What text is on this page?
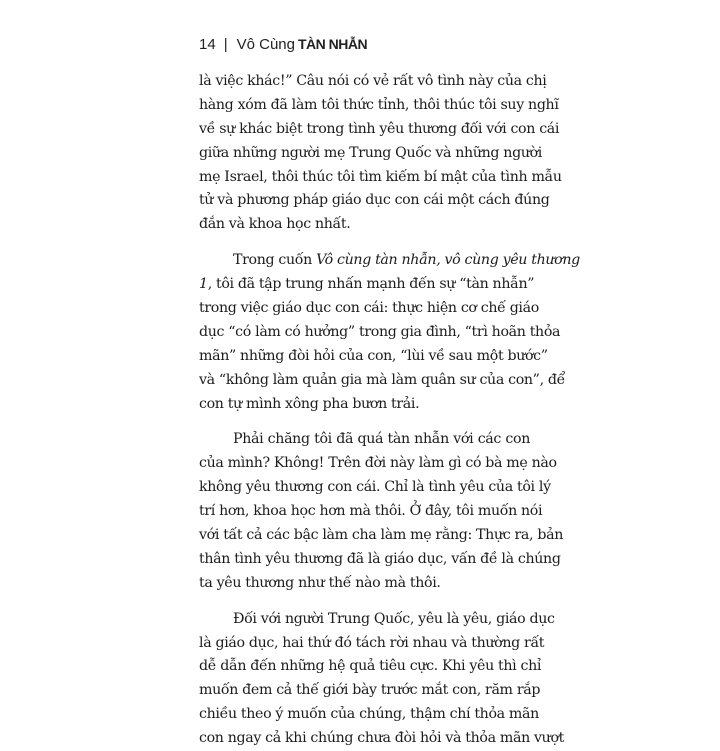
14 | Vô Cùng TÀN NHẪN
là việc khác!” Câu nói có vẻ rất vô tình này của chị
hàng xóm đã làm tôi thức tỉnh, thôi thúc tôi suy nghĩ
về sự khác biệt trong tình yêu thương đối với con cái
giữa những người mẹ Trung Quốc và những người
mẹ Israel, thôi thúc tôi tìm kiếm bí mật của tình mẫu
tử và phương pháp giáo dục con cái một cách đúng
đắn và khoa học nhất.
Trong cuốn Vô cùng tàn nhẫn, vô cùng yêu thương
1, tôi đã tập trung nhấn mạnh đến sự “tàn nhẫn”
trong việc giáo dục con cái: thực hiện cơ chế giáo
dục “có làm có hưởng” trong gia đình, “trì hoãn thỏa
mãn” những đòi hỏi của con, “lùi về sau một bước”
và “không làm quản gia mà làm quân sư của con”, để
con tự mình xông pha bươn trải.
Phải chăng tôi đã quá tàn nhẫn với các con
của mình? Không! Trên đời này làm gì có bà mẹ nào
không yêu thương con cái. Chỉ là tình yêu của tôi lý
trí hơn, khoa học hơn mà thôi. Ở đây, tôi muốn nói
với tất cả các bậc làm cha làm mẹ rằng: Thực ra, bản
thân tình yêu thương đã là giáo dục, vấn đề là chúng
ta yêu thương như thế nào mà thôi.
Đối với người Trung Quốc, yêu là yêu, giáo dục
là giáo dục, hai thứ đó tách rời nhau và thường rất
dễ dẫn đến những hệ quả tiêu cực. Khi yêu thì chỉ
muốn đem cả thế giới bày trước mắt con, răm rắp
chiều theo ý muốn của chúng, thậm chí thỏa mãn
con ngay cả khi chúng chưa đòi hỏi và thỏa mãn vượt
